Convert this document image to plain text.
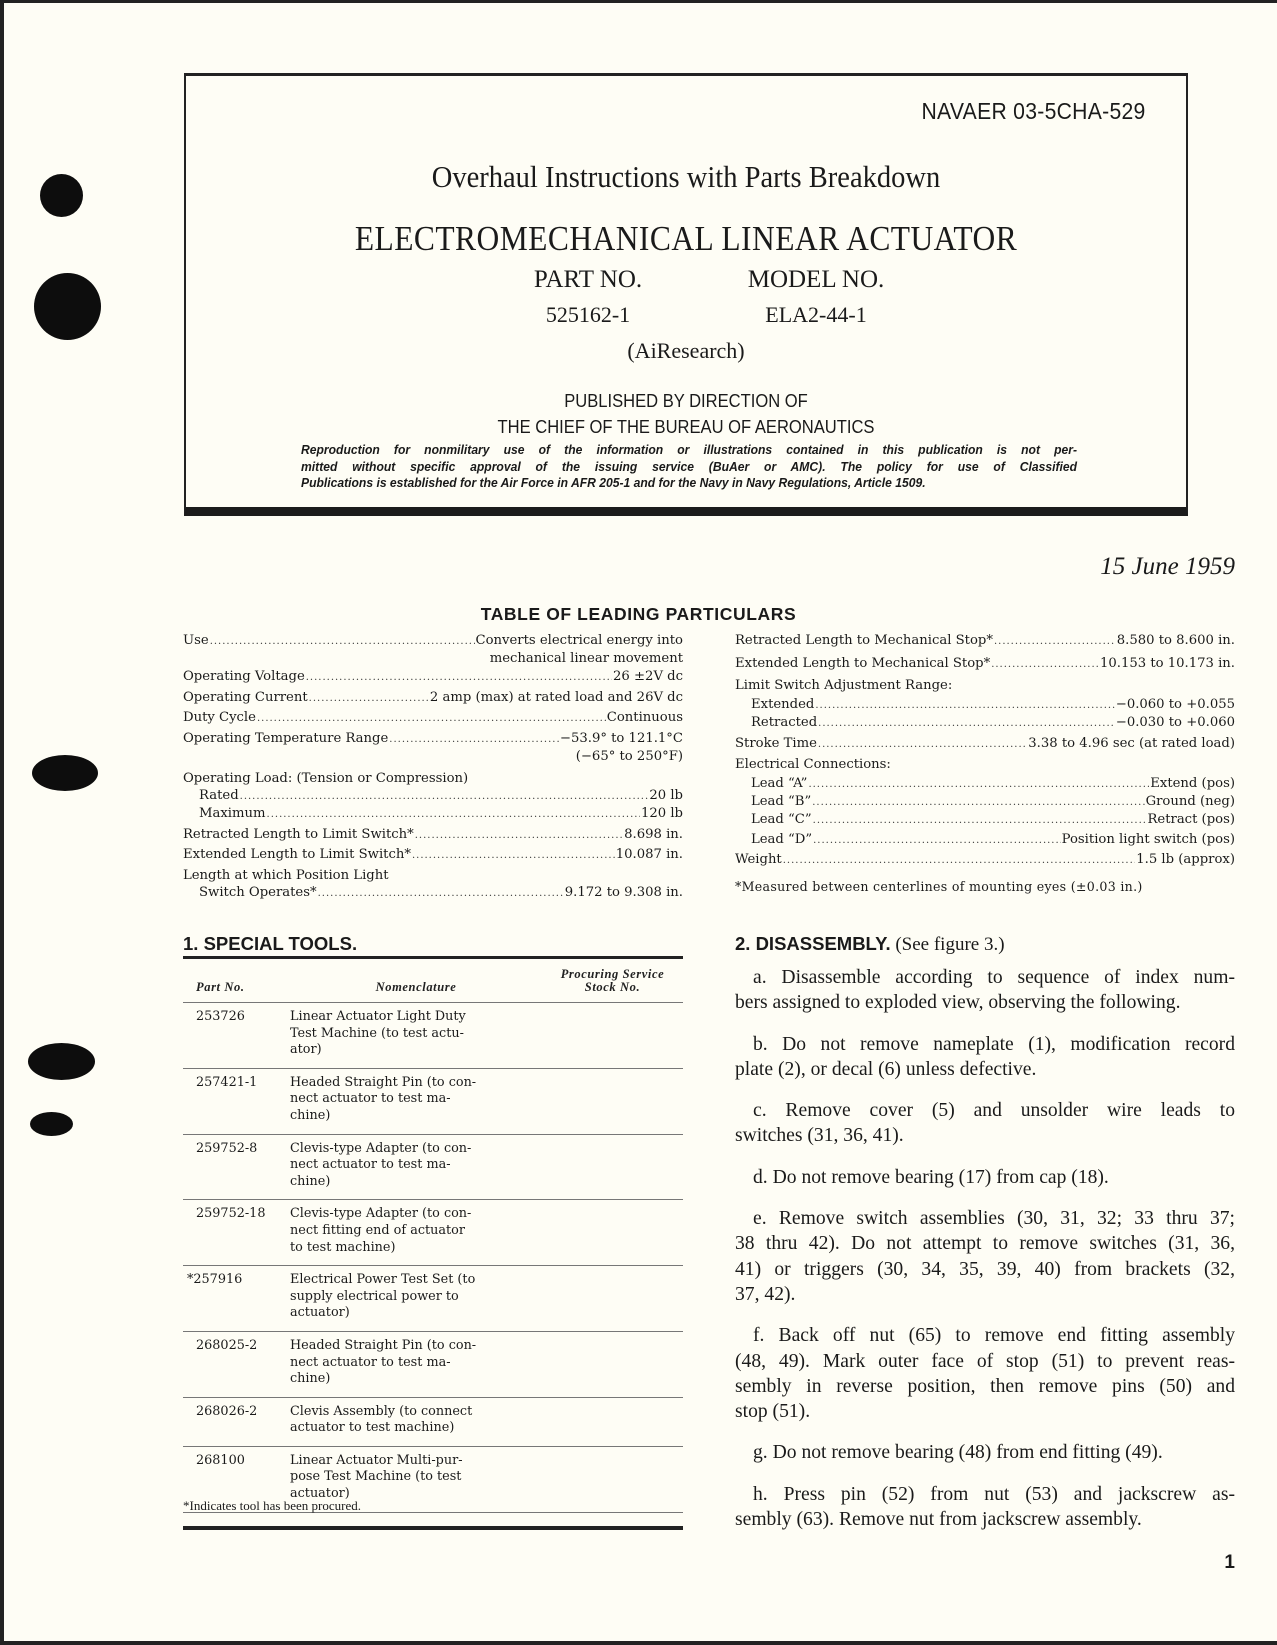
NAVAER 03-5CHA-529
Overhaul Instructions with Parts Breakdown
ELECTROMECHANICAL LINEAR ACTUATOR
PART NO.
525162-1
MODEL NO.
ELA2-44-1
(AiResearch)
PUBLISHED BY DIRECTION OF
THE CHIEF OF THE BUREAU OF AERONAUTICS
Reproduction for nonmilitary use of the information or illustrations contained in this publication is not per-
mitted without specific approval of the issuing service (BuAer or AMC). The policy for use of Classified
Publications is established for the Air Force in AFR 205-1 and for the Navy in Navy Regulations, Article 1509.
15 June 1959
TABLE OF LEADING PARTICULARS
Use .....	Converts electrical energy into
mechanical linear movement
Operating Voltage .....	26 ±2V dc
Operating Current .....	2 amp (max) at rated load and 26V dc
Duty Cycle .....	Continuous
Operating Temperature Range .....	−53.9° to 121.1°C
(−65° to 250°F)
Operating Load: (Tension or Compression)
Rated .....	20 lb
Maximum .....	120 lb
Retracted Length to Limit Switch* .....	8.698 in.
Extended Length to Limit Switch* .....	10.087 in.
Length at which Position Light
Switch Operates* .....	9.172 to 9.308 in.
Retracted Length to Mechanical Stop* .....	8.580 to 8.600 in.
Extended Length to Mechanical Stop* .....	10.153 to 10.173 in.
Limit Switch Adjustment Range:
Extended .....	−0.060 to +0.055
Retracted .....	−0.030 to +0.060
Stroke Time .....	3.38 to 4.96 sec (at rated load)
Electrical Connections:
Lead “A” .....	Extend (pos)
Lead “B” .....	Ground (neg)
Lead “C” .....	Retract (pos)
Lead “D” .....	Position light switch (pos)
Weight .....	1.5 lb (approx)
*Measured between centerlines of mounting eyes (±0.03 in.)
1. SPECIAL TOOLS.
Part No.	Nomenclature	Procuring Service
Stock No.

253726	Linear Actuator Light Duty
Test Machine (to test actu-
ator)	

257421-1	Headed Straight Pin (to con-
nect actuator to test ma-
chine)	

259752-8	Clevis-type Adapter (to con-
nect actuator to test ma-
chine)	

259752-18	Clevis-type Adapter (to con-
nect fitting end of actuator
to test machine)	

*257916	Electrical Power Test Set (to
supply electrical power to
actuator)	

268025-2	Headed Straight Pin (to con-
nect actuator to test ma-
chine)	

268026-2	Clevis Assembly (to connect
actuator to test machine)	

268100	Linear Actuator Multi-pur-
pose Test Machine (to test
actuator)	

*Indicates tool has been procured.
2. DISASSEMBLY. (See figure 3.)

a. Disassemble according to sequence of index num-
bers assigned to exploded view, observing the following.

b. Do not remove nameplate (1), modification record
plate (2), or decal (6) unless defective.

c. Remove cover (5) and unsolder wire leads to
switches (31, 36, 41).

d. Do not remove bearing (17) from cap (18).

e. Remove switch assemblies (30, 31, 32; 33 thru 37;
38 thru 42). Do not attempt to remove switches (31, 36,
41) or triggers (30, 34, 35, 39, 40) from brackets (32,
37, 42).

f. Back off nut (65) to remove end fitting assembly
(48, 49). Mark outer face of stop (51) to prevent reas-
sembly in reverse position, then remove pins (50) and
stop (51).

g. Do not remove bearing (48) from end fitting (49).

h. Press pin (52) from nut (53) and jackscrew as-
sembly (63). Remove nut from jackscrew assembly.

1
